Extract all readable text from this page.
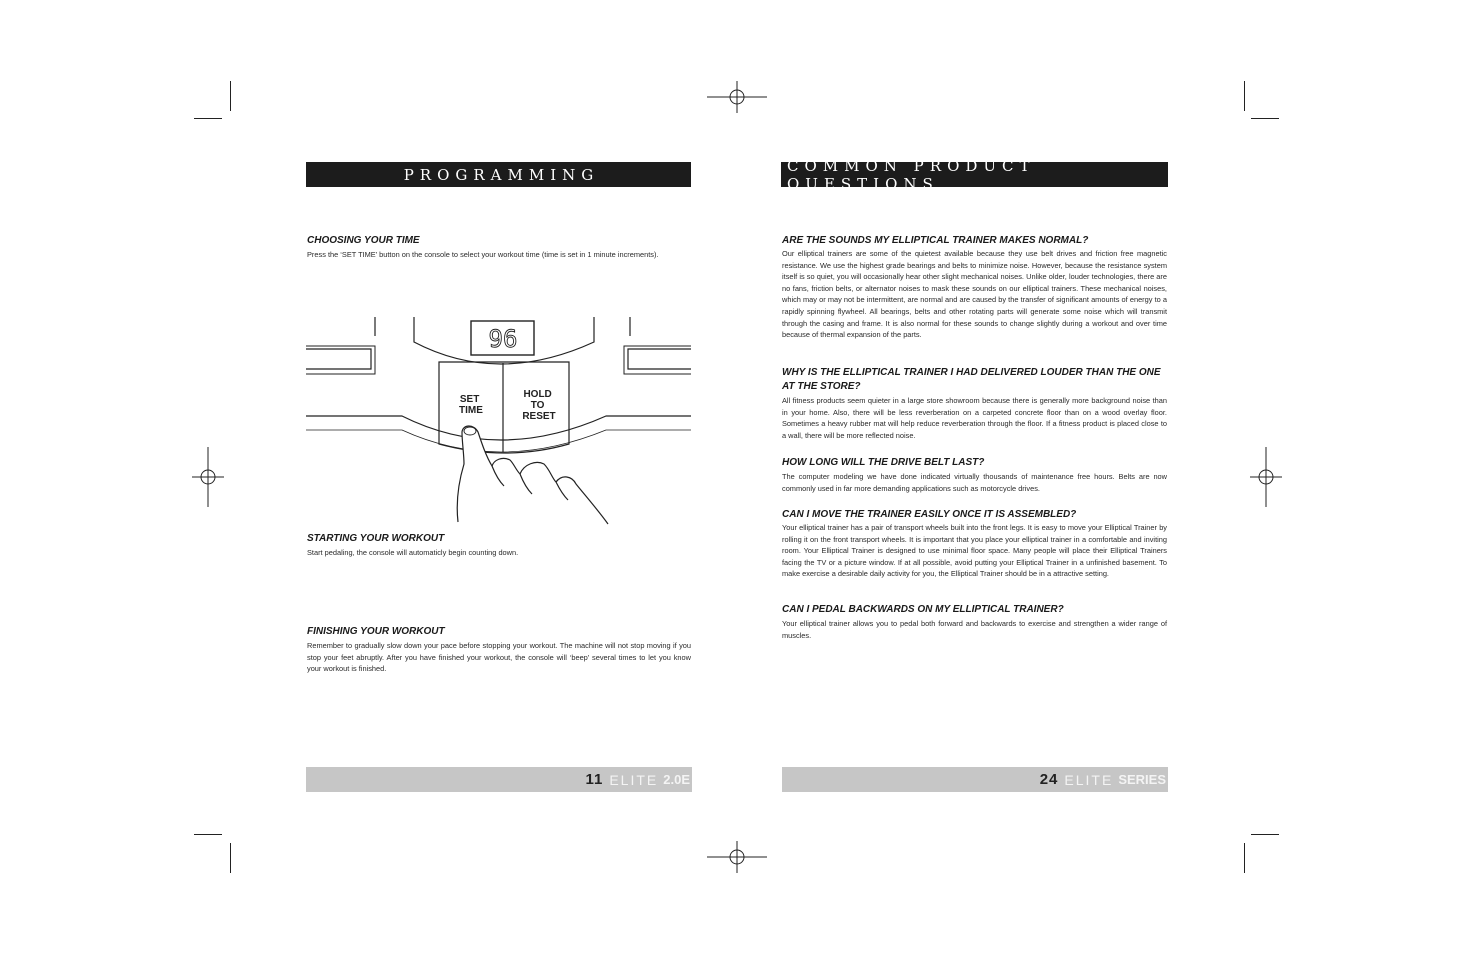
PROGRAMMING
CHOOSING YOUR TIME
Press the ‘SET TIME’ button on the console to select your workout time (time is set in 1 minute increments).
96
SET TIME
HOLD TO RESET
STARTING YOUR WORKOUT
Start pedaling, the console will automaticly begin counting down.
FINISHING YOUR WORKOUT
Remember to gradually slow down your pace before stopping your workout. The machine will not stop moving if you stop your feet abruptly. After you have finished your workout, the console will ‘beep’ several times to let you know your workout is finished.
11 ELITE 2.0E
COMMON PRODUCT QUESTIONS
ARE THE SOUNDS MY ELLIPTICAL TRAINER MAKES NORMAL?
Our elliptical trainers are some of the quietest available because they use belt drives and friction free magnetic resistance. We use the highest grade bearings and belts to minimize noise. However, because the resistance system itself is so quiet, you will occasionally hear other slight mechanical noises. Unlike older, louder technologies, there are no fans, friction belts, or alternator noises to mask these sounds on our elliptical trainers. These mechanical noises, which may or may not be intermittent, are normal and are caused by the transfer of significant amounts of energy to a rapidly spinning flywheel. All bearings, belts and other rotating parts will generate some noise which will transmit through the casing and frame. It is also normal for these sounds to change slightly during a workout and over time because of thermal expansion of the parts.
WHY IS THE ELLIPTICAL TRAINER I HAD DELIVERED LOUDER THAN THE ONE AT THE STORE?
All fitness products seem quieter in a large store showroom because there is generally more background noise than in your home. Also, there will be less reverberation on a carpeted concrete floor than on a wood overlay floor. Sometimes a heavy rubber mat will help reduce reverberation through the floor. If a fitness product is placed close to a wall, there will be more reflected noise.
HOW LONG WILL THE DRIVE BELT LAST?
The computer modeling we have done indicated virtually thousands of maintenance free hours. Belts are now commonly used in far more demanding applications such as motorcycle drives.
CAN I MOVE THE TRAINER EASILY ONCE IT IS ASSEMBLED?
Your elliptical trainer has a pair of transport wheels built into the front legs. It is easy to move your Elliptical Trainer by rolling it on the front transport wheels. It is important that you place your elliptical trainer in a comfortable and inviting room. Your Elliptical Trainer is designed to use minimal floor space. Many people will place their Elliptical Trainers facing the TV or a picture window. If at all possible, avoid putting your Elliptical Trainer in a unfinished basement. To make exercise a desirable daily activity for you, the Elliptical Trainer should be in a attractive setting.
CAN I PEDAL BACKWARDS ON MY ELLIPTICAL TRAINER?
Your elliptical trainer allows you to pedal both forward and backwards to exercise and strengthen a wider range of muscles.
24 ELITE SERIES
